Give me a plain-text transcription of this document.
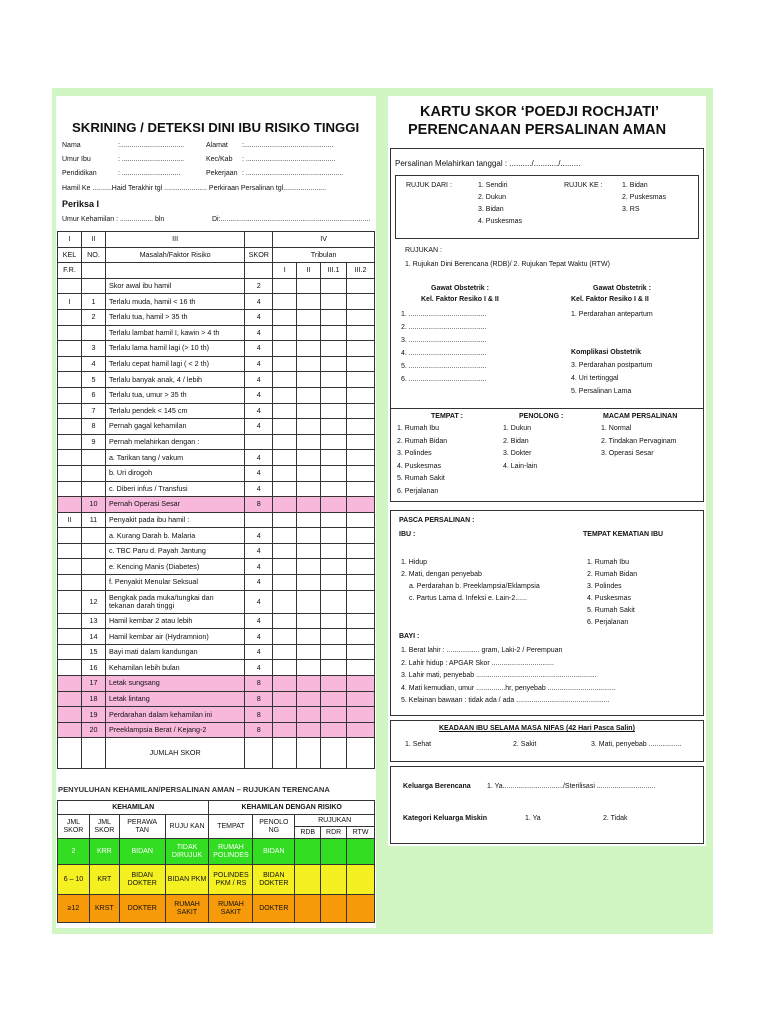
SKRINING / DETEKSI DINI IBU RISIKO TINGGI
Nama	:.................................	Alamat :..............................................
Umur Ibu	: ................................	Kec/Kab : ..............................................
Pendidikan	: ..............................	Pekerjaan : ..................................................
Hamil Ke ..........Haid Terakhir tgl ...................... Perkiraan Persalinan tgl......................
Periksa I
Umur Kehamilan : ................. bln	Di:.............................................................................
I	II	III		IV			
KEL	NO.	Masalah/Faktor Risiko	SKOR	Tribulan			
F.R.				I	II	III.1	III.2
		Skor awal ibu hamil	2				
I	1	Terlalu muda, hamil < 16 th	4				
	2	Terlalu tua, hamil > 35 th	4				
		Terlalu lambat hamil I, kawin > 4 th	4				
	3	Terlalu lama hamil lagi (> 10 th)	4				
	4	Terlalu cepat hamil lagi ( < 2 th)	4				
	5	Terlalu banyak anak, 4 / lebih	4				
	6	Terlalu tua, umur > 35 th	4				
	7	Terlalu pendek < 145 cm	4				
	8	Pernah gagal kehamilan	4				
	9	Pernah melahirkan dengan :					
		a. Tarikan tang / vakum	4				
		b. Uri dirogoh	4				
		c. Diberi infus / Transfusi	4				
	10	Pernah Operasi Sesar	8				
II	11	Penyakit pada ibu hamil :					
		a. Kurang Darah b. Malaria	4				
		c. TBC Paru d. Payah Jantung	4				
		e. Kencing Manis (Diabetes)	4				
		f. Penyakit Menular Seksual	4				
	12	Bengkak pada muka/tungkai dan
tekanan darah tinggi	4				
	13	Hamil kembar 2 atau lebih	4				
	14	Hamil kembar air (Hydramnion)	4				
	15	Bayi mati dalam kandungan	4				
	16	Kehamilan lebih bulan	4				
	17	Letak sungsang	8				
	18	Letak lintang	8				
	19	Perdarahan dalam kehamilan ini	8				
	20	Preeklampsia Berat / Kejang-2	8				
		JUMLAH SKOR					
PENYULUHAN KEHAMILAN/PERSALINAN AMAN – RUJUKAN TERENCANA
KEHAMILAN				KEHAMILAN DENGAN RISIKO				
JML SKOR	JML SKOR	PERAWA TAN	RUJU KAN	TEMPAT	PENOLO NG	RUJUKAN		
						RDB	RDR	RTW
2	KRR	BIDAN	TIDAK DIRUJUK	RUMAH POLINDES	BIDAN			
6 – 10	KRT	BIDAN DOKTER	BIDAN PKM	POLINDES PKM / RS	BIDAN DOKTER			
≥12	KRST	DOKTER	RUMAH SAKIT	RUMAH SAKIT	DOKTER			
KARTU SKOR ‘POEDJI ROCHJATI’
PERENCANAAN PERSALINAN AMAN
Persalinan Melahirkan tanggal : ........../.........../.........
RUJUK DARI :	1. Sendiri
2. Dukun
3. Bidan
4. Puskesmas
RUJUK KE :	1. Bidan
2. Puskesmas
3. RS
RUJUKAN :
1. Rujukan Dini Berencana (RDB)/ 2. Rujukan Tepat Waktu (RTW)
Gawat Obstetrik :
Kel. Faktor Resiko I & II
Gawat Obstetrik :
Kel. Faktor Resiko I & II
1. Perdarahan antepartum
Komplikasi Obstetrik
3. Perdarahan postpartum
4. Uri tertinggal
5. Persalinan Lama
1. ........................................
2. ........................................
3. ........................................
4. ........................................
5. ........................................
6. ........................................
TEMPAT :	PENOLONG :	MACAM PERSALINAN
1. Rumah Ibu
2. Rumah Bidan
3. Polindes
4. Puskesmas
5. Rumah Sakit
6. Perjalanan
1. Dukun
2. Bidan
3. Dokter
4. Lain-lain
1. Normal
2. Tindakan Pervaginam
3. Operasi Sesar
PASCA PERSALINAN :
IBU :
1. Hidup
2. Mati, dengan penyebab
a. Perdarahan b. Preeklampsia/Eklampsia
c. Partus Lama d. Infeksi e. Lain-2......
TEMPAT KEMATIAN IBU
BAYI :
1. Rumah Ibu
2. Rumah Bidan
3. Polindes
4. Puskesmas
5. Rumah Sakit
6. Perjalanan
1. Berat lahir : ................. gram, Laki-2 / Perempuan
2. Lahir hidup : APGAR Skor ................................
3. Lahir mati, penyebab ..............................................................
4. Mati kemudian, umur ...............hr, penyebab ...................................
5. Kelainan bawaan : tidak ada / ada ................................................
KEADAAN IBU SELAMA MASA NIFAS (42 Hari Pasca Salin)
1. Sehat	2. Sakit	3. Mati, penyebab .................
Keluarga Berencana 1. Ya.............................../Sterilisasi ..............................
Kategori Keluarga Miskin	1. Ya	2. Tidak
